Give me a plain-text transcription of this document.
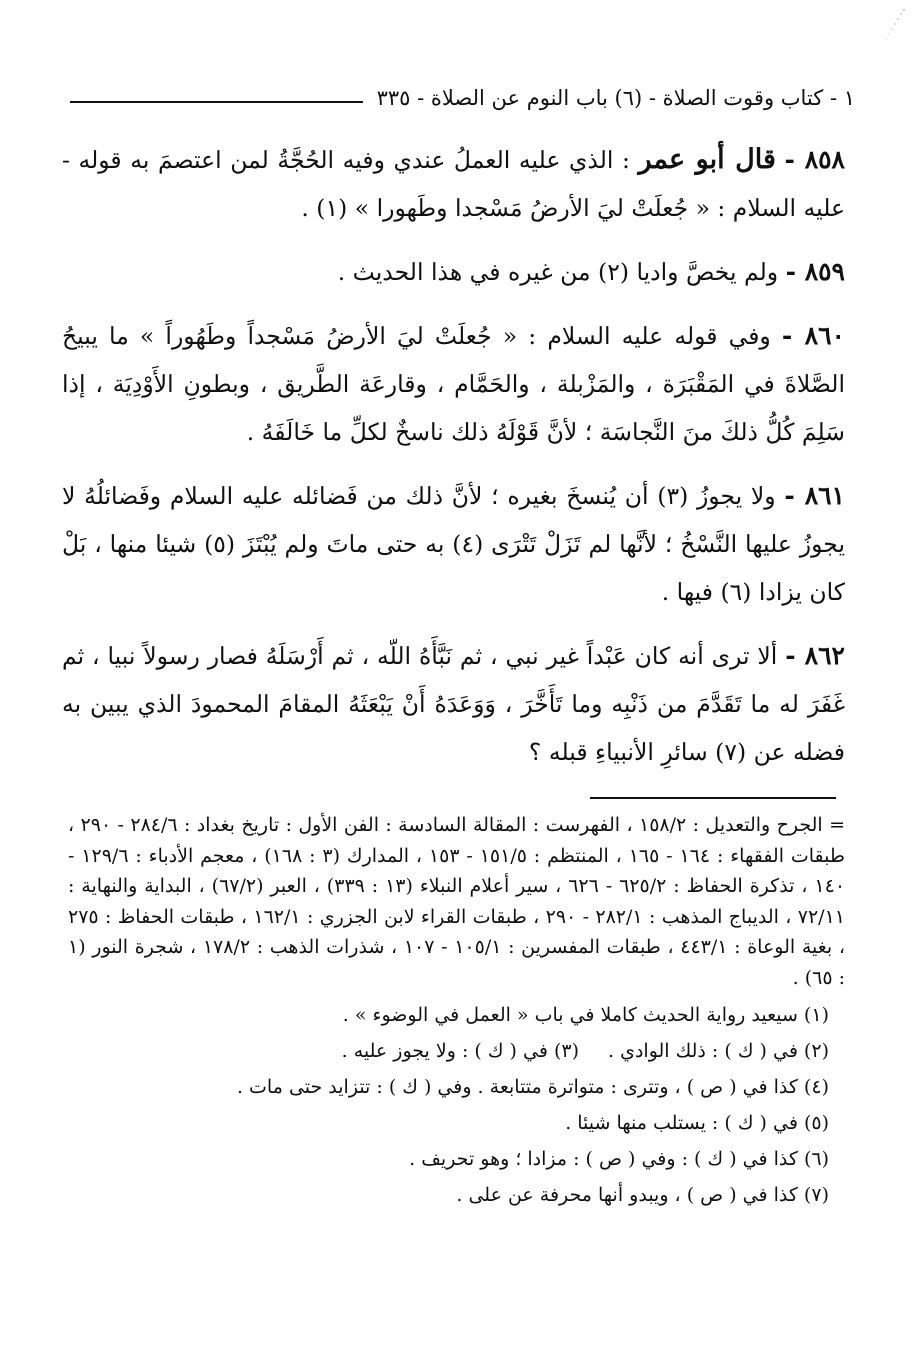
١ - كتاب وقوت الصلاة - (٦) باب النوم عن الصلاة - ٣٣٥

٨٥٨ - قال أبو عمر : الذي عليه العملُ عندي وفيه الحُجَّةُ لمن اعتصمَ به قوله - عليه السلام : « جُعلَتْ ليَ الأرضُ مَسْجدا وطَهورا » (١) .

٨٥٩ - ولم يخصَّ واديا (٢) من غيره في هذا الحديث .

٨٦٠ - وفي قوله عليه السلام : « جُعلَتْ ليَ الأرضُ مَسْجداً وطَهُوراً » ما يبيحُ الصَّلاةَ في المَقْبَرَة ، والمَزْبلة ، والحَمَّام ، وقارعَة الطَّريق ، وبطونِ الأَوْدِيَة ، إذا سَلِمَ كُلُّ ذلكَ منَ النَّجاسَة ؛ لأنَّ قَوْلَهُ ذلك ناسخٌ لكلِّ ما خَالَفَهُ .

٨٦١ - ولا يجوزُ (٣) أن يُنسخَ بغيره ؛ لأنَّ ذلك من فَضائله عليه السلام وفَضائلُهُ لا يجوزُ عليها النَّسْخُ ؛ لأنَّها لم تَزَلْ تَتْرَى (٤) به حتى ماتَ ولم يُبْتَزَ (٥) شيئا منها ، بَلْ كان يزادا (٦) فيها .

٨٦٢ - ألا ترى أنه كان عَبْداً غير نبي ، ثم نَبَّأَهُ اللّه ، ثم أَرْسَلَهُ فصار رسولاً نبيا ، ثم غَفَرَ له ما تَقَدَّمَ من ذَنْبِه وما تَأَخَّرَ ، وَوَعَدَهُ أَنْ يَبْعَثَهُ المقامَ المحمودَ الذي يبين به فضله عن (٧) سائرِ الأنبياءِ قبله ؟

= الجرح والتعديل : ١٥٨/٢ ، الفهرست : المقالة السادسة : الفن الأول : تاريخ بغداد : ٢٨٤/٦ - ٢٩٠ ، طبقات الفقهاء : ١٦٤ - ١٦٥ ، المنتظم : ١٥١/٥ - ١٥٣ ، المدارك (٣ : ١٦٨) ، معجم الأدباء : ١٢٩/٦ - ١٤٠ ، تذكرة الحفاظ : ٦٢٥/٢ - ٦٢٦ ، سير أعلام النبلاء (١٣ : ٣٣٩) ، العبر (٦٧/٢) ، البداية والنهاية : ٧٢/١١ ، الديباج المذهب : ٢٨٢/١ - ٢٩٠ ، طبقات القراء لابن الجزري : ١٦٢/١ ، طبقات الحفاظ : ٢٧٥ ، بغية الوعاة : ٤٤٣/١ ، طبقات المفسرين : ١٠٥/١ - ١٠٧ ، شذرات الذهب : ١٧٨/٢ ، شجرة النور (١ : ٦٥) .

(١) سيعيد رواية الحديث كاملا في باب « العمل في الوضوء » .
(٢) في ( ك ) : ذلك الوادي .
(٣) في ( ك ) : ولا يجوز عليه .
(٤) كذا في ( ص ) ، وتترى : متواترة متتابعة . وفي ( ك ) : تتزايد حتى مات .
(٥) في ( ك ) : يستلب منها شيئا .
(٦) كذا في ( ك ) : وفي ( ص ) : مزادا ؛ وهو تحريف .
(٧) كذا في ( ص ) ، ويبدو أنها محرفة عن على .
